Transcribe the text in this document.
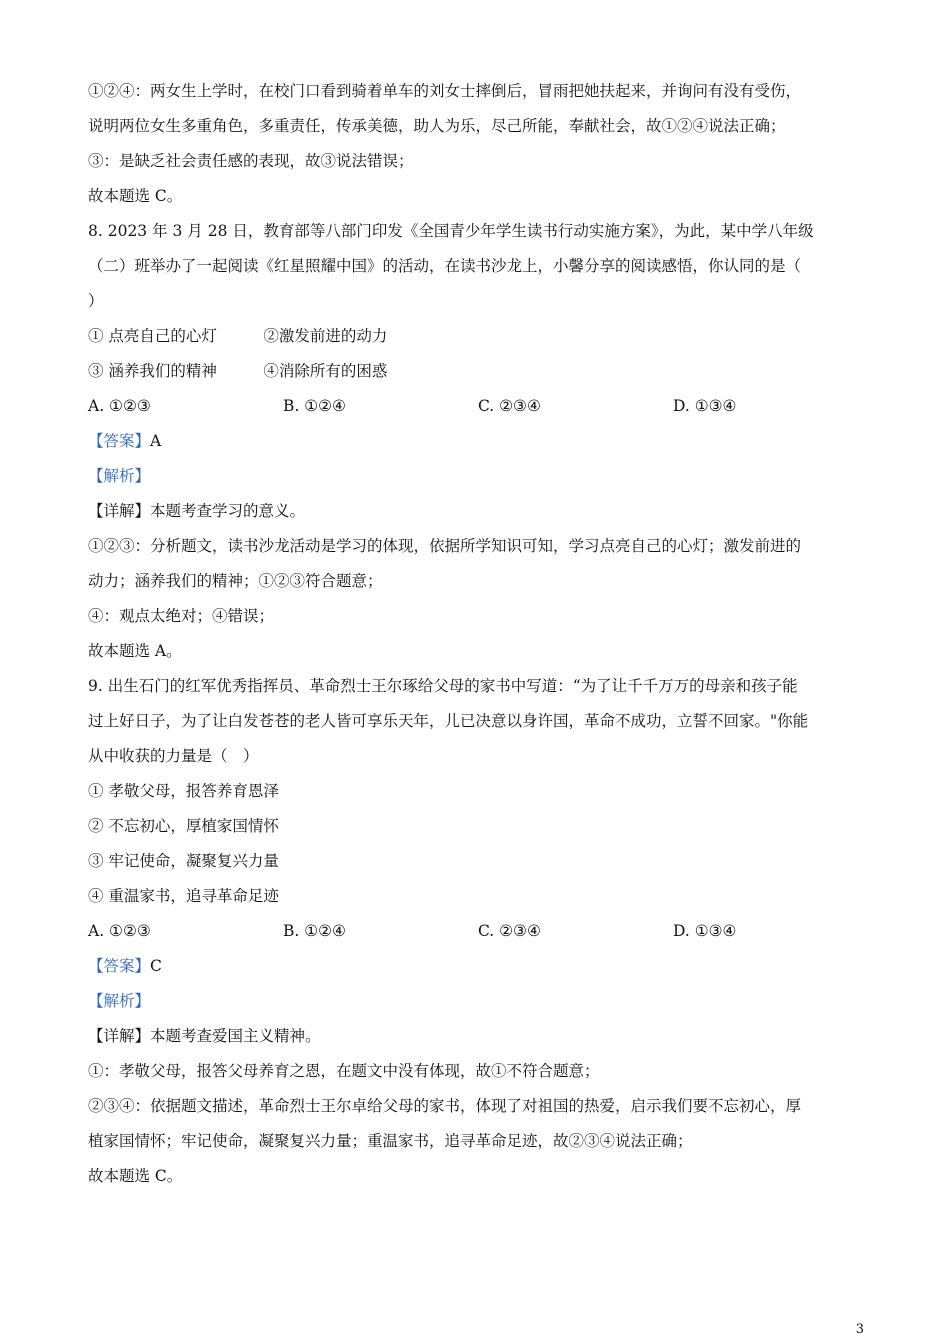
①②④：两女生上学时，在校门口看到骑着单车的刘女士摔倒后，冒雨把她扶起来，并询问有没有受伤，
说明两位女生多重角色，多重责任，传承美德，助人为乐，尽己所能，奉献社会，故①②④说法正确；
③：是缺乏社会责任感的表现，故③说法错误；
故本题选 C。
8. 2023 年 3 月 28 日，教育部等八部门印发《全国青少年学生读书行动实施方案》，为此，某中学八年级
（二）班举办了一起阅读《红星照耀中国》的活动，在读书沙龙上，小馨分享的阅读感悟，你认同的是（
）
① 点亮自己的心灯　　　②激发前进的动力
③ 涵养我们的精神　　　④消除所有的困惑
A. ①②③	B. ①②④	C. ②③④	D. ①③④
【答案】A
【解析】
【详解】本题考查学习的意义。
①②③：分析题文，读书沙龙活动是学习的体现，依据所学知识可知，学习点亮自己的心灯；激发前进的
动力；涵养我们的精神；①②③符合题意；
④：观点太绝对；④错误；
故本题选 A。
9. 出生石门的红军优秀指挥员、革命烈士王尔琢给父母的家书中写道：“为了让千千万万的母亲和孩子能
过上好日子，为了让白发苍苍的老人皆可享乐天年，儿已决意以身许国，革命不成功，立誓不回家。"你能
从中收获的力量是（　）
① 孝敬父母，报答养育恩泽
② 不忘初心，厚植家国情怀
③ 牢记使命，凝聚复兴力量
④ 重温家书，追寻革命足迹
A. ①②③	B. ①②④	C. ②③④	D. ①③④
【答案】C
【解析】
【详解】本题考查爱国主义精神。
①：孝敬父母，报答父母养育之恩，在题文中没有体现，故①不符合题意；
②③④：依据题文描述，革命烈士王尔卓给父母的家书，体现了对祖国的热爱，启示我们要不忘初心，厚
植家国情怀；牢记使命，凝聚复兴力量；重温家书，追寻革命足迹，故②③④说法正确；
故本题选 C。
3
